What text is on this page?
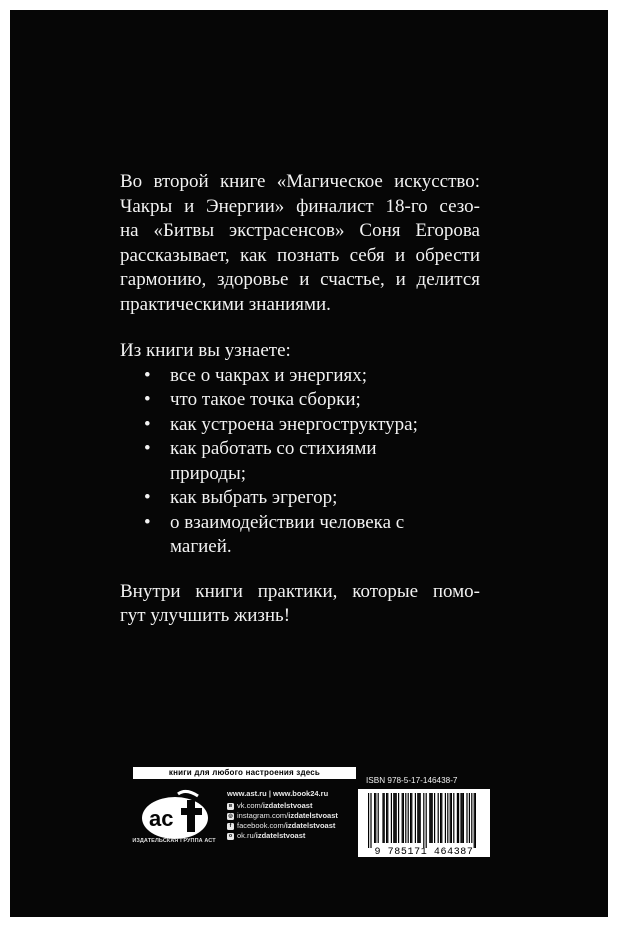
Во второй книге «Магическое искусство:
Чакры и Энергии» финалист 18-го сезо-
на «Битвы экстрасенсов» Соня Егорова
рассказывает, как познать себя и обрести
гармонию, здоровье и счастье, и делится
практическими знаниями.
Из книги вы узнаете:
• все о чакрах и энергиях;
• что такое точка сборки;
• как устроена энергоструктура;
• как работать со стихиями природы;
• как выбрать эгрегор;
• о взаимодействии человека с магией.
Внутри книги практики, которые помо-
гут улучшить жизнь!
книги для любого настроения здесь
ас
ИЗДАТЕЛЬСКАЯ ГРУППА АСТ
www.ast.ru | www.book24.ru
в vk.com/ izdatelstvoast
◎ instagram.com/ izdatelstvoast
f facebook.com/ izdatelstvoast
о ok.ru/ izdatelstvoast
ISBN 978-5-17-146438-7
9 785171 464387
